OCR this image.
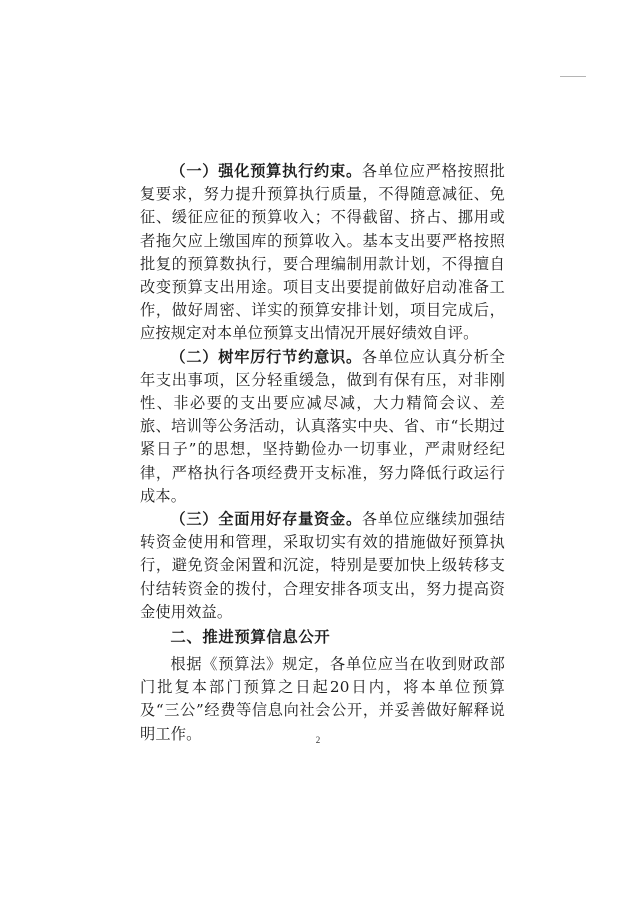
（一）强化预算执行约束。各单位应严格按照批复要求，努力提升预算执行质量，不得随意减征、免征、缓征应征的预算收入；不得截留、挤占、挪用或者拖欠应上缴国库的预算收入。基本支出要严格按照批复的预算数执行，要合理编制用款计划，不得擅自改变预算支出用途。项目支出要提前做好启动准备工作，做好周密、详实的预算安排计划，项目完成后，应按规定对本单位预算支出情况开展好绩效自评。

（二）树牢厉行节约意识。各单位应认真分析全年支出事项，区分轻重缓急，做到有保有压，对非刚性、非必要的支出要应减尽减，大力精简会议、差旅、培训等公务活动，认真落实中央、省、市“长期过紧日子”的思想，坚持勤俭办一切事业，严肃财经纪律，严格执行各项经费开支标准，努力降低行政运行成本。

（三）全面用好存量资金。各单位应继续加强结转资金使用和管理，采取切实有效的措施做好预算执行，避免资金闲置和沉淀，特别是要加快上级转移支付结转资金的拨付，合理安排各项支出，努力提高资金使用效益。

二、推进预算信息公开

根据《预算法》规定，各单位应当在收到财政部门批复本部门预算之日起20日内，将本单位预算及“三公”经费等信息向社会公开，并妥善做好解释说明工作。	2
